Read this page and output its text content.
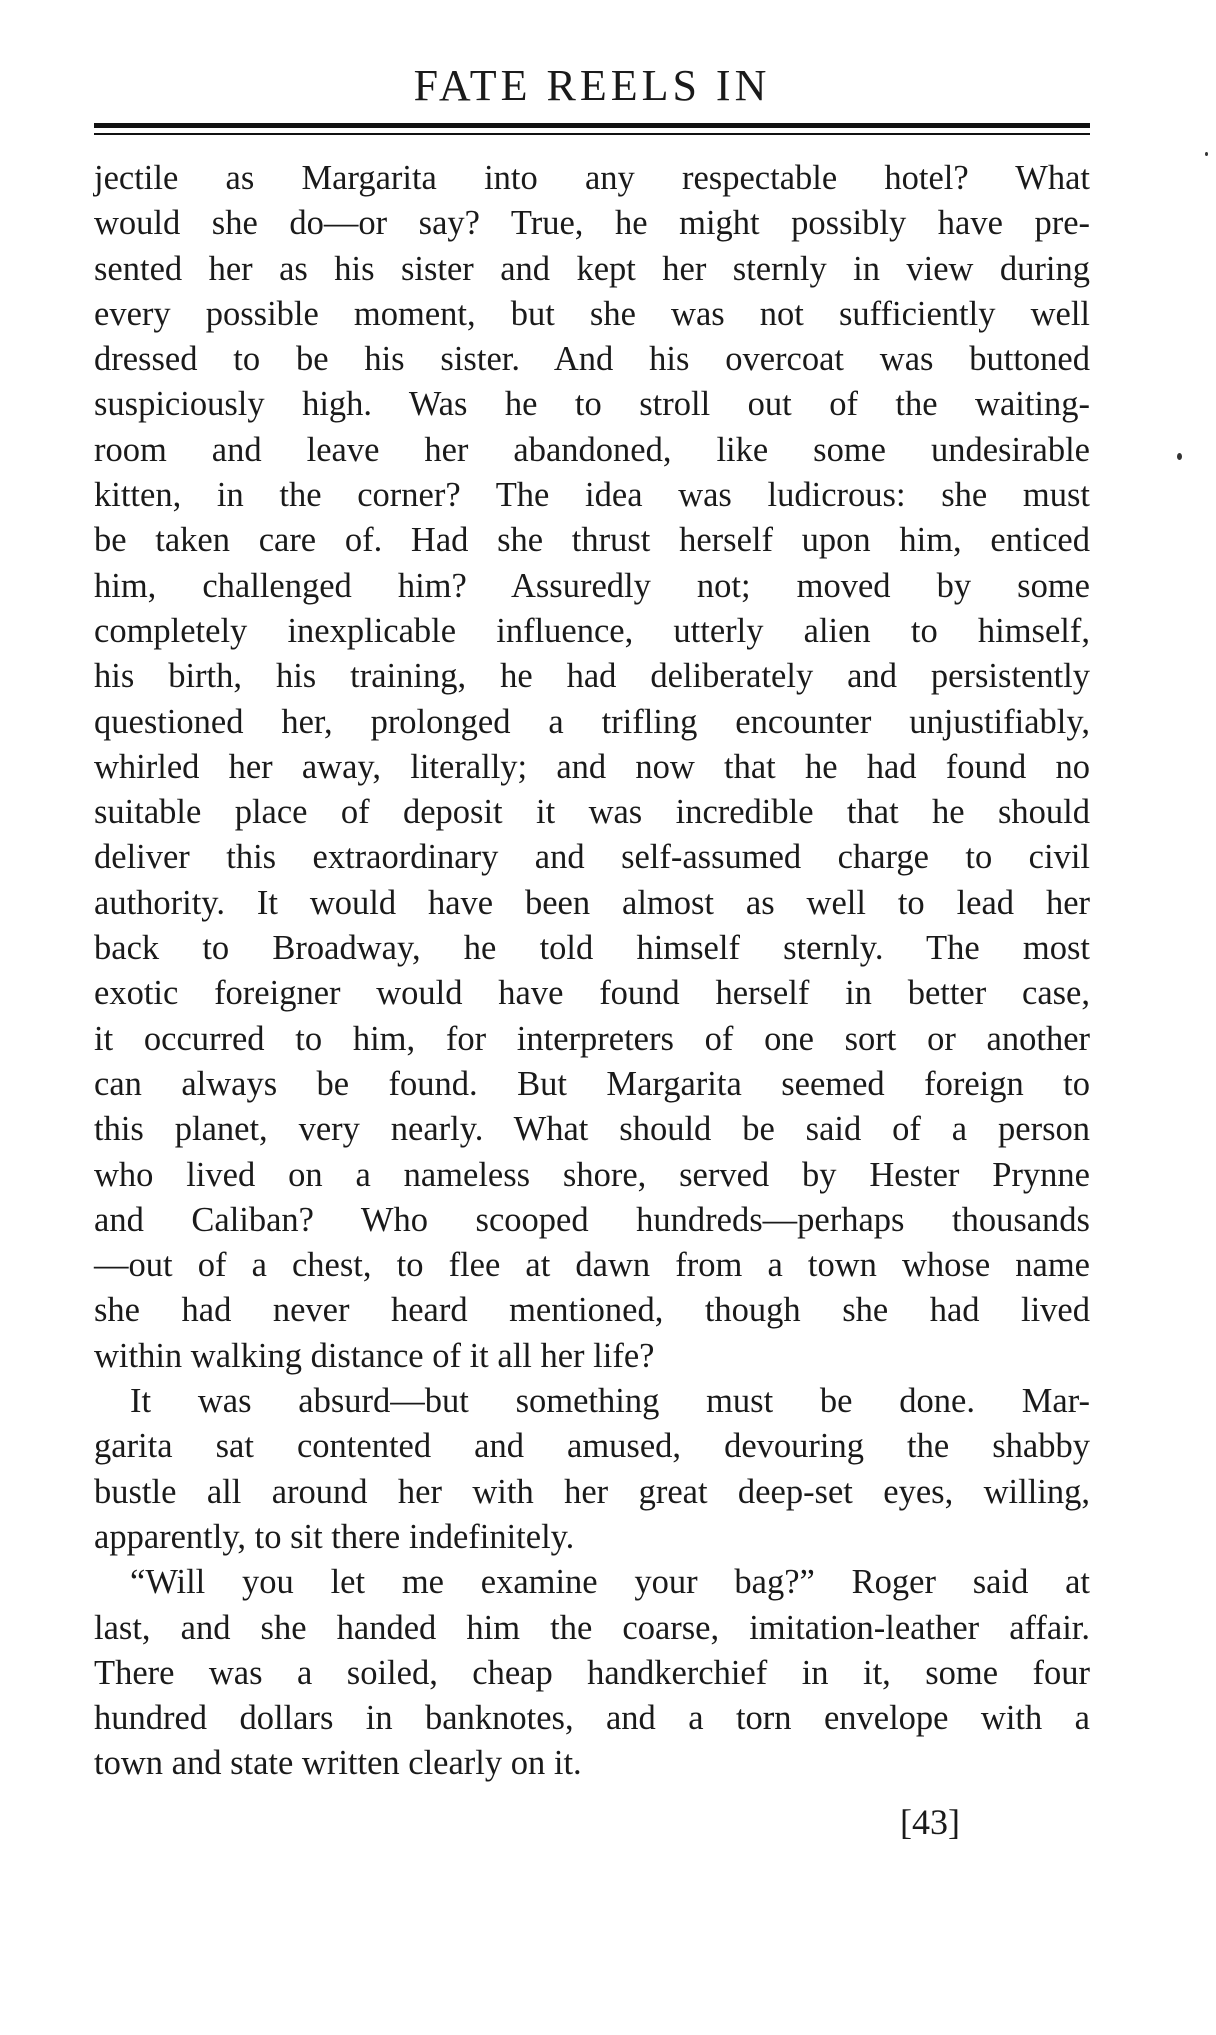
FATE REELS IN

jectile as Margarita into any respectable hotel? What
would she do—or say? True, he might possibly have pre-
sented her as his sister and kept her sternly in view during
every possible moment, but she was not sufficiently well
dressed to be his sister. And his overcoat was buttoned
suspiciously high. Was he to stroll out of the waiting-
room and leave her abandoned, like some undesirable
kitten, in the corner? The idea was ludicrous: she must
be taken care of. Had she thrust herself upon him, enticed
him, challenged him? Assuredly not; moved by some
completely inexplicable influence, utterly alien to himself,
his birth, his training, he had deliberately and persistently
questioned her, prolonged a trifling encounter unjustifiably,
whirled her away, literally; and now that he had found no
suitable place of deposit it was incredible that he should
deliver this extraordinary and self-assumed charge to civil
authority. It would have been almost as well to lead her
back to Broadway, he told himself sternly. The most
exotic foreigner would have found herself in better case,
it occurred to him, for interpreters of one sort or another
can always be found. But Margarita seemed foreign to
this planet, very nearly. What should be said of a person
who lived on a nameless shore, served by Hester Prynne
and Caliban? Who scooped hundreds—perhaps thousands
—out of a chest, to flee at dawn from a town whose name
she had never heard mentioned, though she had lived
within walking distance of it all her life?

It was absurd—but something must be done. Mar-
garita sat contented and amused, devouring the shabby
bustle all around her with her great deep-set eyes, willing,
apparently, to sit there indefinitely.

“Will you let me examine your bag?” Roger said at
last, and she handed him the coarse, imitation-leather affair.
There was a soiled, cheap handkerchief in it, some four
hundred dollars in banknotes, and a torn envelope with a
town and state written clearly on it.

[43]
